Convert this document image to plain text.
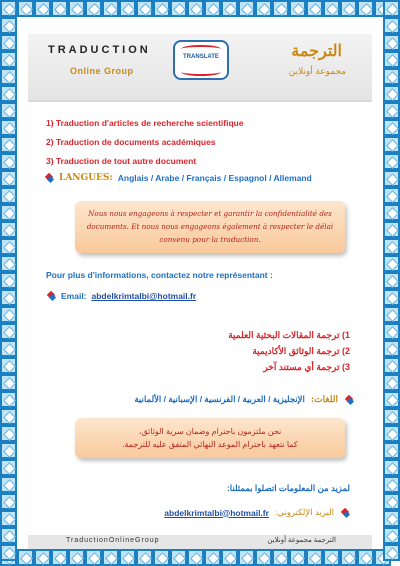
TRADUCTION
Online Group
TRANSLATE	الترجمة
مجموعة أونلاين
1) Traduction d'articles de recherche scientifique
2) Traduction de documents académiques
3) Traduction de tout autre document
LANGUES: Anglais / Arabe / Français / Espagnol / Allemand
Nous nous engageons à respecter et garantir la confidentialité des documents. Et nous nous engageons également à respecter le délai convenu pour la traduction.
Pour plus d'informations, contactez notre représentant :
Email: abdelkrimtalbi@hotmail.fr
1) ترجمة المقالات البحثية العلمية
2) ترجمة الوثائق الأكاديمية
3) ترجمة أي مستند آخر
اللغات:
الإنجليزية / العربية / الفرنسية / الإسبانية / الألمانية
نحن ملتزمون باحترام وضمان سرية الوثائق،
كما نتعهد باحترام الموعد النهائي المتفق عليه للترجمة.
لمزيد من المعلومات اتصلوا بممثلنا:
البريد الإلكتروني:
abdelkrimtalbi@hotmail.fr
TraductionOnlineGroup	الترجمة مجموعة أونلاين
